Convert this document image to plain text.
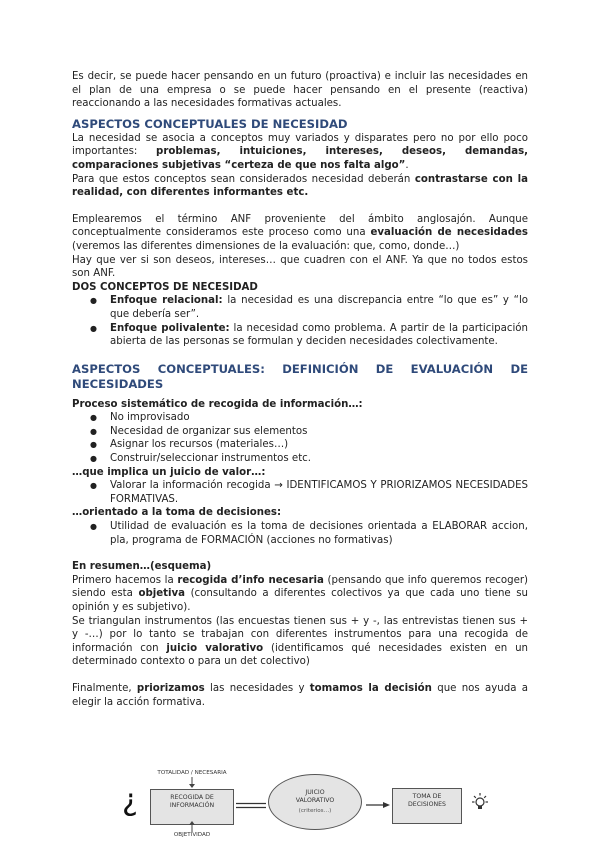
Es decir, se puede hacer pensando en un futuro (proactiva) e incluir las necesidades en el plan de una empresa o se puede hacer pensando en el presente (reactiva) reaccionando a las necesidades formativas actuales.

ASPECTOS CONCEPTUALES DE NECESIDAD

La necesidad se asocia a conceptos muy variados y disparates pero no por ello poco importantes: problemas, intuiciones, intereses, deseos, demandas, comparaciones subjetivas “certeza de que nos falta algo”.

Para que estos conceptos sean considerados necesidad deberán contrastarse con la realidad, con diferentes informantes etc.

Emplearemos el término ANF proveniente del ámbito anglosajón. Aunque conceptualmente consideramos este proceso como una evaluación de necesidades (veremos las diferentes dimensiones de la evaluación: que, como, donde…)

Hay que ver si son deseos, intereses… que cuadren con el ANF. Ya que no todos estos son ANF.

DOS CONCEPTOS DE NECESIDAD

● Enfoque relacional: la necesidad es una discrepancia entre “lo que es” y “lo que debería ser”.
● Enfoque polivalente: la necesidad como problema. A partir de la participación abierta de las personas se formulan y deciden necesidades colectivamente.
ASPECTOS CONCEPTUALES: DEFINICIÓN DE EVALUACIÓN DE NECESIDADES

Proceso sistemático de recogida de información…:

● No improvisado
● Necesidad de organizar sus elementos
● Asignar los recursos (materiales…)
● Construir/seleccionar instrumentos etc.

…que implica un juicio de valor…:

● Valorar la información recogida → IDENTIFICAMOS Y PRIORIZAMOS NECESIDADES FORMATIVAS.

…orientado a la toma de decisiones:

● Utilidad de evaluación es la toma de decisiones orientada a ELABORAR accion, pla, programa de FORMACIÓN (acciones no formativas)

En resumen…(esquema)

Primero hacemos la recogida d’info necesaria (pensando que info queremos recoger) siendo esta objetiva (consultando a diferentes colectivos ya que cada uno tiene su opinión y es subjetivo).

Se triangulan instrumentos (las encuestas tienen sus + y -, las entrevistas tienen sus + y -…) por lo tanto se trabajan con diferentes instrumentos para una recogida de información con juicio valorativo (identificamos qué necesidades existen en un determinado contexto o para un det colectivo)

Finalmente, priorizamos las necesidades y tomamos la decisión que nos ayuda a elegir la acción formativa.

TOTALIDAD / NECESARIA
¿	RECOGIDA DE INFORMACIÓN
JUICIO VALORATIVO
(criterios…)
TOMA DE DECISIONES
OBJETIVIDAD
